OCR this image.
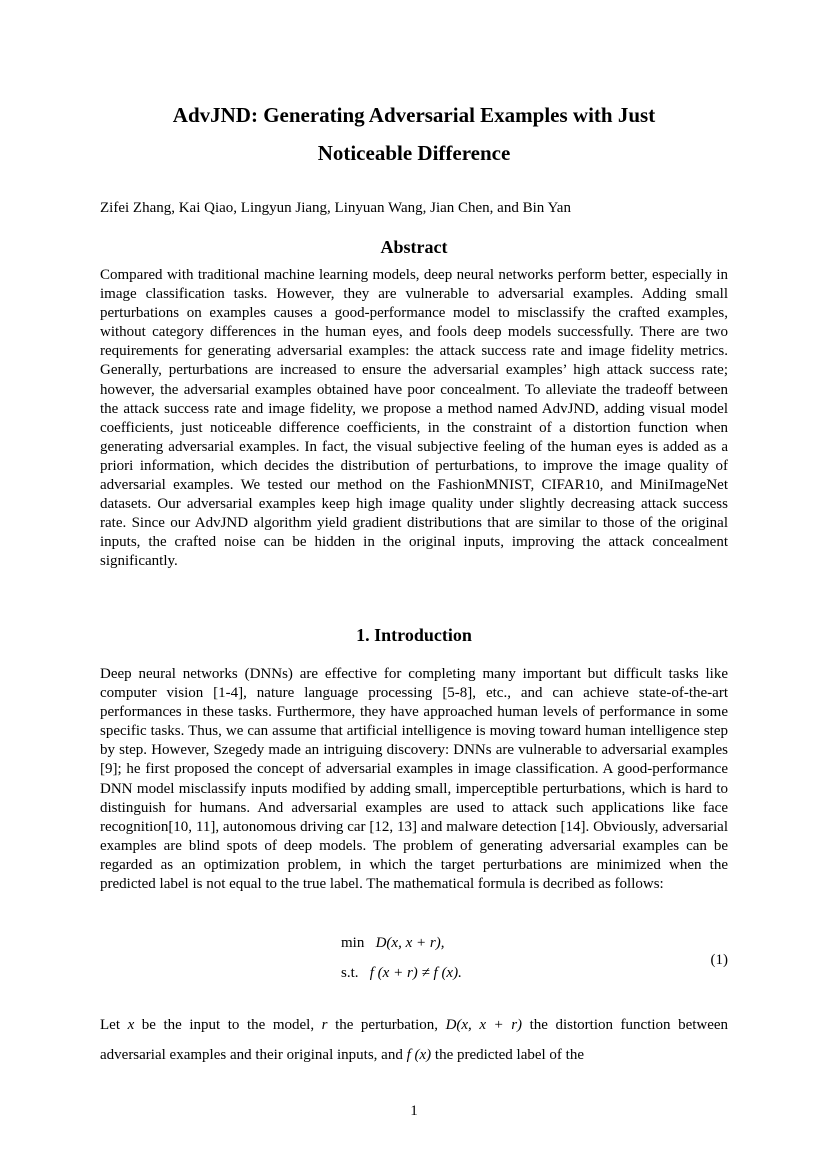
AdvJND: Generating Adversarial Examples with Just
Noticeable Difference
Zifei Zhang, Kai Qiao, Lingyun Jiang, Linyuan Wang, Jian Chen, and Bin Yan
Abstract
Compared with traditional machine learning models, deep neural networks perform better, especially in image classification tasks. However, they are vulnerable to adversarial examples. Adding small perturbations on examples causes a good-performance model to misclassify the crafted examples, without category differences in the human eyes, and fools deep models successfully. There are two requirements for generating adversarial examples: the attack success rate and image fidelity metrics. Generally, perturbations are increased to ensure the adversarial examples’ high attack success rate; however, the adversarial examples obtained have poor concealment. To alleviate the tradeoff between the attack success rate and image fidelity, we propose a method named AdvJND, adding visual model coefficients, just noticeable difference coefficients, in the constraint of a distortion function when generating adversarial examples. In fact, the visual subjective feeling of the human eyes is added as a priori information, which decides the distribution of perturbations, to improve the image quality of adversarial examples. We tested our method on the FashionMNIST, CIFAR10, and MiniImageNet datasets. Our adversarial examples keep high image quality under slightly decreasing attack success rate. Since our AdvJND algorithm yield gradient distributions that are similar to those of the original inputs, the crafted noise can be hidden in the original inputs, improving the attack concealment significantly.
1. Introduction
Deep neural networks (DNNs) are effective for completing many important but difficult tasks like computer vision [1-4], nature language processing [5-8], etc., and can achieve state-of-the-art performances in these tasks. Furthermore, they have approached human levels of performance in some specific tasks. Thus, we can assume that artificial intelligence is moving toward human intelligence step by step. However, Szegedy made an intriguing discovery: DNNs are vulnerable to adversarial examples [9]; he first proposed the concept of adversarial examples in image classification. A good-performance DNN model misclassify inputs modified by adding small, imperceptible perturbations, which is hard to distinguish for humans. And adversarial examples are used to attack such applications like face recognition[10, 11], autonomous driving car [12, 13] and malware detection [14]. Obviously, adversarial examples are blind spots of deep models. The problem of generating adversarial examples can be regarded as an optimization problem, in which the target perturbations are minimized when the predicted label is not equal to the true label. The mathematical formula is decribed as follows:
min D(x, x + r),
s.t. f (x + r) ≠ f (x).
(1)
Let x be the input to the model, r the perturbation, D(x, x + r) the distortion function between adversarial examples and their original inputs, and f (x) the predicted label of the
1
